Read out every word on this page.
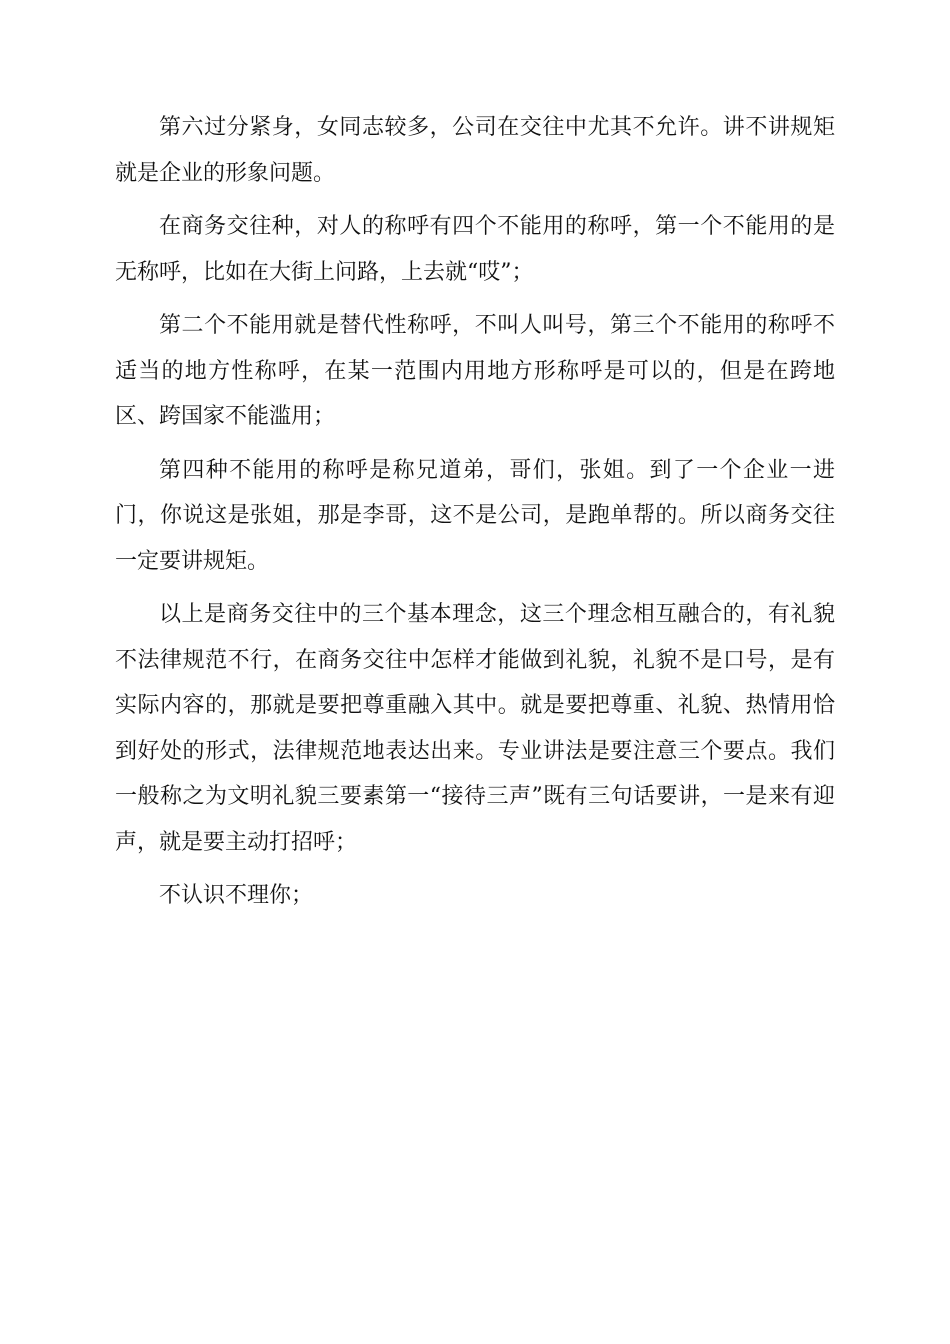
第六过分紧身，女同志较多，公司在交往中尤其不允许。讲不讲规矩就是企业的形象问题。

在商务交往种，对人的称呼有四个不能用的称呼，第一个不能用的是无称呼，比如在大街上问路，上去就“哎”；

第二个不能用就是替代性称呼，不叫人叫号，第三个不能用的称呼不适当的地方性称呼，在某一范围内用地方形称呼是可以的，但是在跨地区、跨国家不能滥用；

第四种不能用的称呼是称兄道弟，哥们，张姐。到了一个企业一进门，你说这是张姐，那是李哥，这不是公司，是跑单帮的。所以商务交往一定要讲规矩。

以上是商务交往中的三个基本理念，这三个理念相互融合的，有礼貌不法律规范不行，在商务交往中怎样才能做到礼貌，礼貌不是口号，是有实际内容的，那就是要把尊重融入其中。就是要把尊重、礼貌、热情用恰到好处的形式，法律规范地表达出来。专业讲法是要注意三个要点。我们一般称之为文明礼貌三要素第一“接待三声”既有三句话要讲，一是来有迎声，就是要主动打招呼；

不认识不理你；
